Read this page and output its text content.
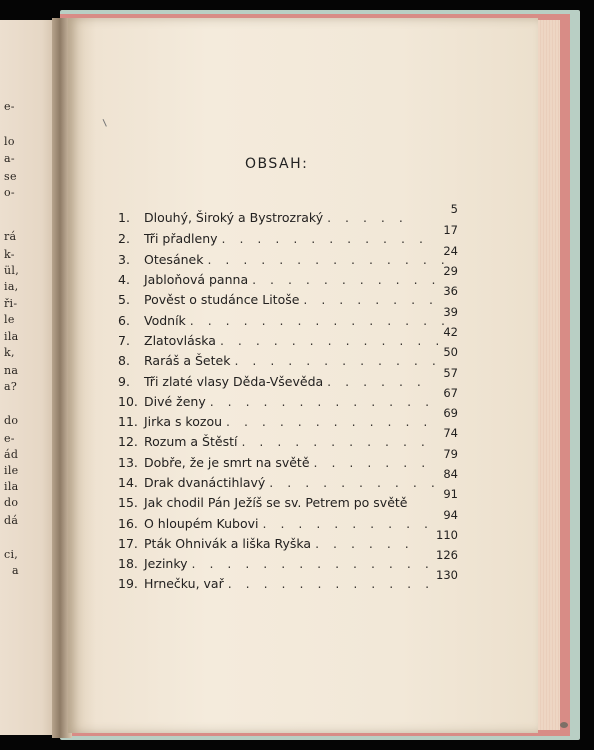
e-
lo
a-
se
o-
rá
k-
ül,
ia,
ři-
le
ila
k,
na
a?
do
e-
ád
ile
ila
do
dá
ci,
a
OBSAH:
1. Dlouhý, Široký a Bystrozraký . . . . .
5
2. Tři přadleny . . . . . . . . . . . .
17
3. Otesánek . . . . . . . . . . . . . .
24
4. Jabloňová panna . . . . . . . . . . .
29
5. Pověst o studánce Litoše . . . . . . . .
36
6. Vodník . . . . . . . . . . . . . . .
39
7. Zlatovláska . . . . . . . . . . . . .
42
8. Raráš a Šetek . . . . . . . . . . . .
50
9. Tři zlaté vlasy Děda-Vševěda . . . . . .
57
10. Divé ženy . . . . . . . . . . . . .
67
11. Jirka s kozou . . . . . . . . . . . .
69
12. Rozum a Štěstí . . . . . . . . . . .
74
13. Dobře, že je smrt na světě . . . . . . .
79
14. Drak dvanáctihlavý . . . . . . . . . .
84
15. Jak chodil Pán Ježíš se sv. Petrem po světě
91
16. O hloupém Kubovi . . . . . . . . . .
94
17. Pták Ohnivák a liška Ryška . . . . . .
110
18. Jezinky . . . . . . . . . . . . . .
126
19. Hrnečku, vař . . . . . . . . . . . .
130
